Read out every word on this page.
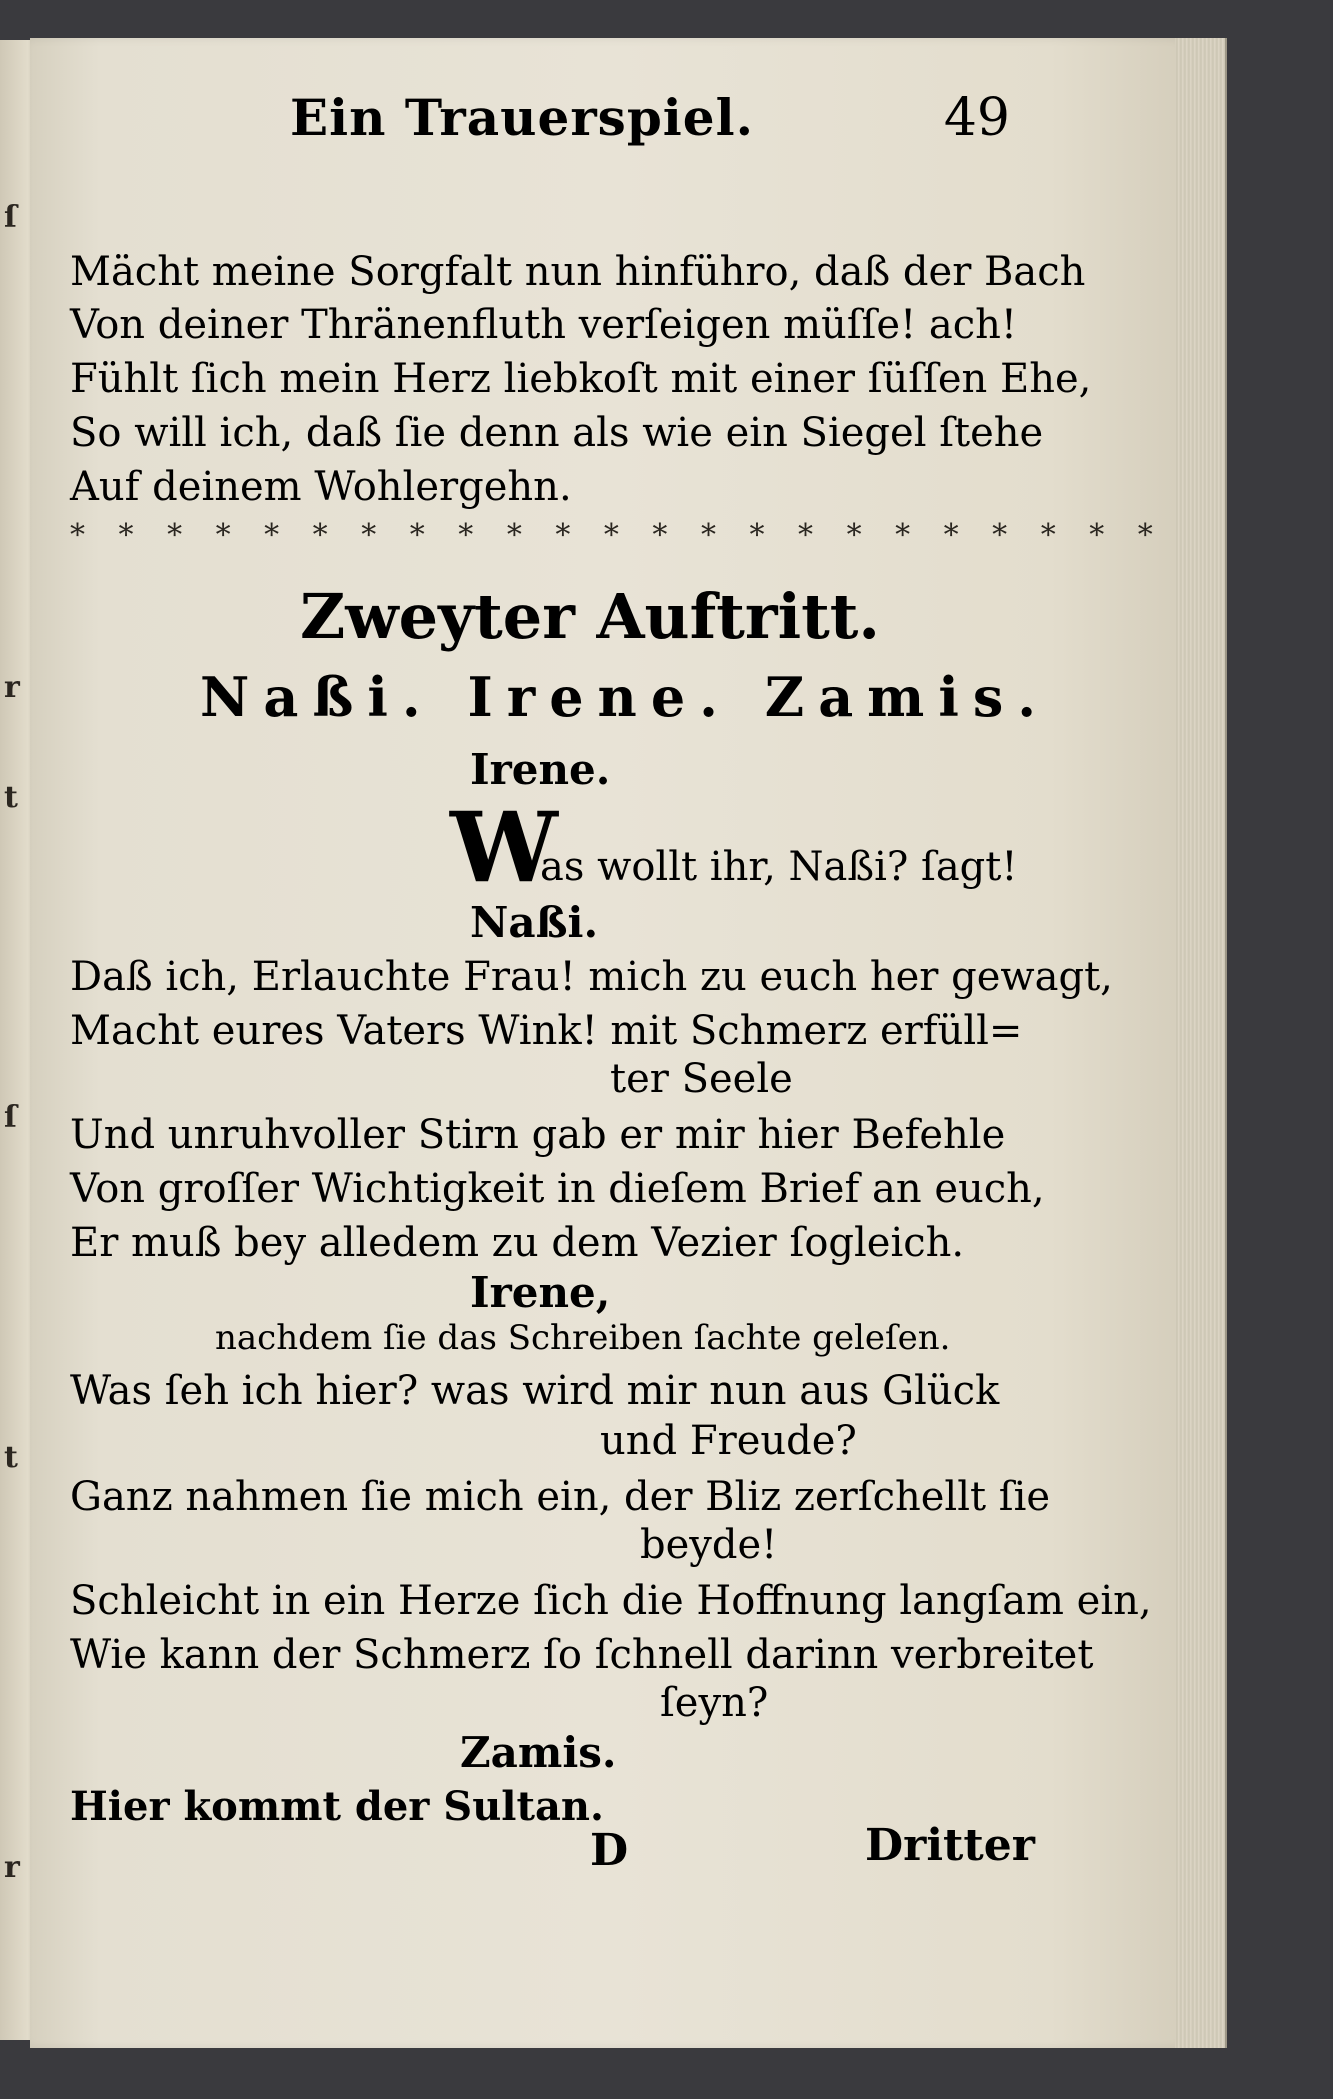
ſ
r
t
ſ
t
r
Ein Trauerspiel.	49
Mächt meine Sorgfalt nun hinführo, daß der Bach
Von deiner Thränenfluth verſeigen müſſe! ach!
Fühlt ſich mein Herz liebkoſt mit einer ſüſſen Ehe,
So will ich, daß ſie denn als wie ein Siegel ſtehe
Auf deinem Wohlergehn.
* * * * * * * * * * * * * * * * * * * * * * *
Zweyter Auftritt.
Naßi. Irene. Zamis.
Irene.
W
as wollt ihr, Naßi? ſagt!
Naßi.
Daß ich, Erlauchte Frau! mich zu euch her gewagt,
Macht eures Vaters Wink! mit Schmerz erfüll=
ter Seele
Und unruhvoller Stirn gab er mir hier Befehle
Von groſſer Wichtigkeit in dieſem Brief an euch,
Er muß bey alledem zu dem Vezier ſogleich.
Irene,
nachdem ſie das Schreiben ſachte geleſen.
Was ſeh ich hier? was wird mir nun aus Glück
und Freude?
Ganz nahmen ſie mich ein, der Bliz zerſchellt ſie
beyde!
Schleicht in ein Herze ſich die Hoffnung langſam ein,
Wie kann der Schmerz ſo ſchnell darinn verbreitet
ſeyn?
Zamis.
Hier kommt der Sultan.
D	Dritter
